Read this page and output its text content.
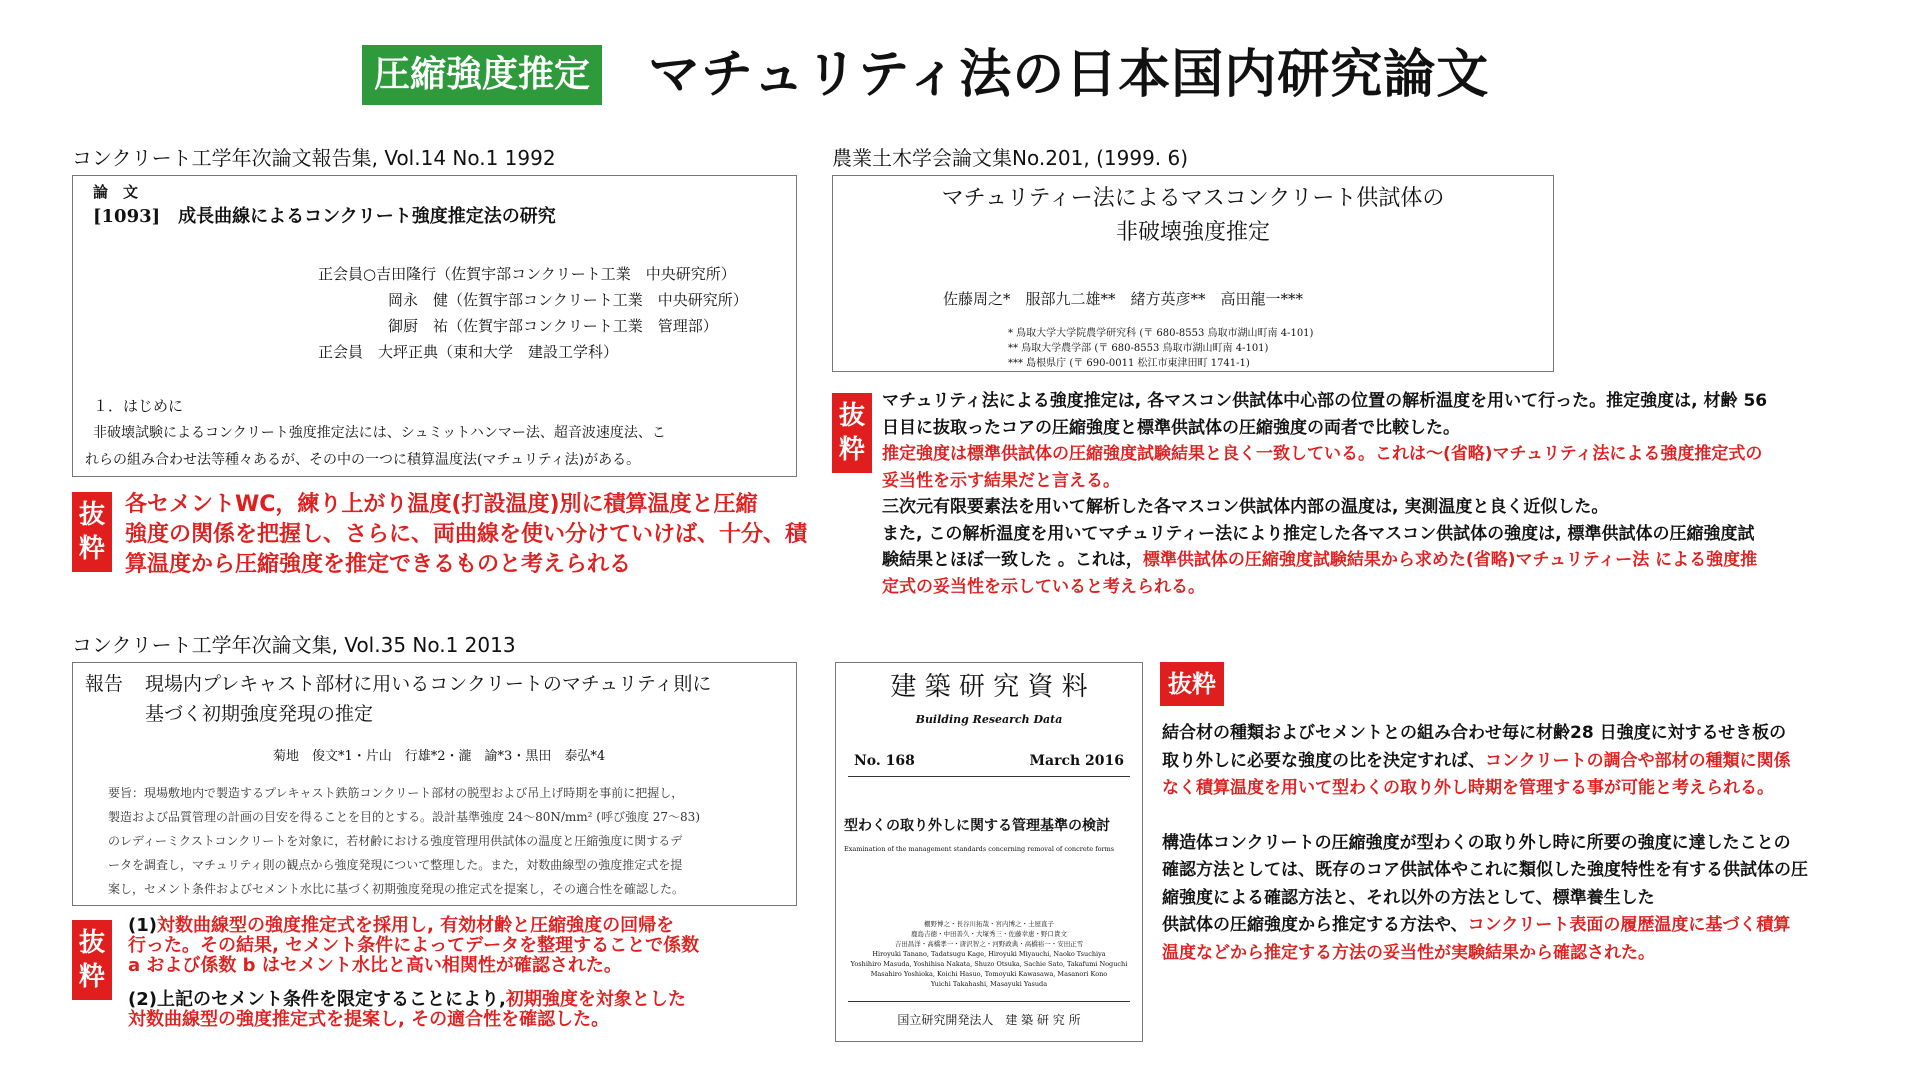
圧縮強度推定 マチュリティ法の日本国内研究論文
コンクリート工学年次論文報告集, Vol.14 No.1 1992
論　文
[1093]　成長曲線によるコンクリート強度推定法の研究
正会員○吉田隆行（佐賀宇部コンクリート工業　中央研究所）
岡永　健（佐賀宇部コンクリート工業　中央研究所）
御厨　祐（佐賀宇部コンクリート工業　管理部）
正会員　大坪正典（東和大学　建設工学科）
１．はじめに
非破壊試験によるコンクリート強度推定法には、シュミットハンマー法、超音波速度法、こ
れらの組み合わせ法等種々あるが、その中の一つに積算温度法(マチュリティ法)がある。
抜粋
各セメントWC，練り上がり温度(打設温度)別に積算温度と圧縮
強度の関係を把握し、さらに、両曲線を使い分けていけば、十分、積
算温度から圧縮強度を推定できるものと考えられる
農業土木学会論文集No.201, (1999. 6)
マチュリティー法によるマスコンクリート供試体の
非破壊強度推定
佐藤周之*　服部九二雄**　緒方英彦**　高田龍一***
* 鳥取大学大学院農学研究科 (〒 680-8553 鳥取市湖山町南 4-101)
** 鳥取大学農学部 (〒 680-8553 鳥取市湖山町南 4-101)
*** 島根県庁 (〒 690-0011 松江市東津田町 1741-1)
抜粋
マチュリティ法による強度推定は, 各マスコン供試体中心部の位置の解析温度を用いて行った。推定強度は, 材齢 56
日目に抜取ったコアの圧縮強度と標準供試体の圧縮強度の両者で比較した。
推定強度は標準供試体の圧縮強度試験結果と良く一致している。これは～(省略)マチュリティ法による強度推定式の
妥当性を示す結果だと言える。
三次元有限要素法を用いて解析した各マスコン供試体内部の温度は, 実測温度と良く近似した。
また, この解析温度を用いてマチュリティー法により推定した各マスコン供試体の強度は, 標準供試体の圧縮強度試
験結果とほぼ一致した 。これは，標準供試体の圧縮強度試験結果から求めた(省略)マチュリティー法 による強度推
定式の妥当性を示していると考えられる。
コンクリート工学年次論文集, Vol.35 No.1 2013
報告 現場内プレキャスト部材に用いるコンクリートのマチュリティ則に
基づく初期強度発現の推定
菊地　俊文*1・片山　行雄*2・瀧　諭*3・黒田　泰弘*4
要旨：現場敷地内で製造するプレキャスト鉄筋コンクリート部材の脱型および吊上げ時期を事前に把握し，
製造および品質管理の計画の目安を得ることを目的とする。設計基準強度 24～80N/mm² (呼び強度 27～83)
のレディーミクストコンクリートを対象に，若材齢における強度管理用供試体の温度と圧縮強度に関するデ
ータを調査し，マチュリティ則の観点から強度発現について整理した。また，対数曲線型の強度推定式を提
案し，セメント条件およびセメント水比に基づく初期強度発現の推定式を提案し，その適合性を確認した。
抜粋
(1)対数曲線型の強度推定式を採用し, 有効材齢と圧縮強度の回帰を
行った。その結果, セメント条件によってデータを整理することで係数
a および係数 b はセメント水比と高い相関性が確認された。
(2)上記のセメント条件を限定することにより,初期強度を対象とした
対数曲線型の強度推定式を提案し, その適合性を確認した。
建 築 研 究 資 料
Building Research Data
No. 168	March 2016
型わくの取り外しに関する管理基準の検討
Examination of the management standards concerning removal of concrete forms
棚野博之・長谷川拓哉・宮内博之・土屋直子
鹿島吉徳・中田善久・大塚秀三・佐藤幸恵・野口貴文
吉田昌洋・高橋孝一・唐沢智之・河野政典・高橋裕一・安田正雪
Hiroyuki Tanano, Tadatsugu Kage, Hiroyuki Miyauchi, Naoko Tsuchiya
Yoshihiro Masuda, Yoshihisa Nakata, Shuzo Otsuka, Sachie Sato, Takafumi Noguchi
Masahiro Yoshioka, Koichi Hasuo, Tomoyuki Kawasawa, Masanori Kono
Yuichi Takahashi, Masayuki Yasuda
国立研究開発法人　建 築 研 究 所
抜粋
結合材の種類およびセメントとの組み合わせ毎に材齢28 日強度に対するせき板の
取り外しに必要な強度の比を決定すれば、コンクリートの調合や部材の種類に関係
なく積算温度を用いて型わくの取り外し時期を管理する事が可能と考えられる。
構造体コンクリートの圧縮強度が型わくの取り外し時に所要の強度に達したことの
確認方法としては、既存のコア供試体やこれに類似した強度特性を有する供試体の圧
縮強度による確認方法と、それ以外の方法として、標準養生した
供試体の圧縮強度から推定する方法や、コンクリート表面の履歴温度に基づく積算
温度などから推定する方法の妥当性が実験結果から確認された。
